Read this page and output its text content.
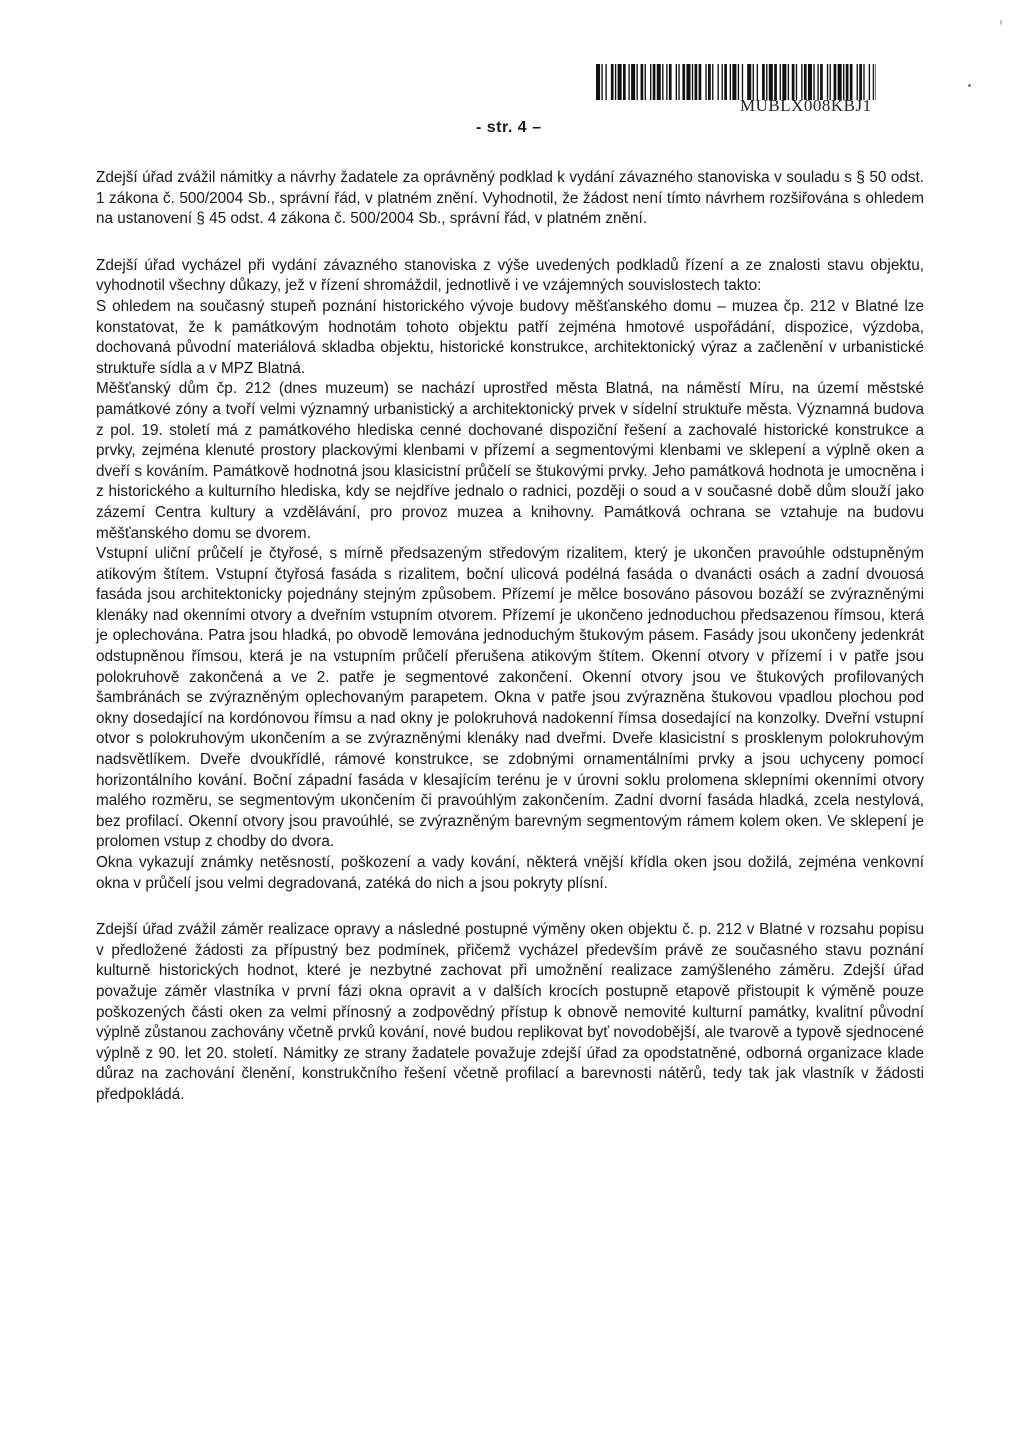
MUBLX008KBJ1
- str. 4 –

Zdejší úřad zvážil námitky a návrhy žadatele za oprávněný podklad k vydání závazného stanoviska v souladu s § 50 odst. 1 zákona č. 500/2004 Sb., správní řád, v platném znění. Vyhodnotil, že žádost není tímto návrhem rozšiřována s ohledem na ustanovení § 45 odst. 4 zákona č. 500/2004 Sb., správní řád, v platném znění.

Zdejší úřad vycházel při vydání závazného stanoviska z výše uvedených podkladů řízení a ze znalosti stavu objektu, vyhodnotil všechny důkazy, jež v řízení shromáždil, jednotlivě i ve vzájemných souvislostech takto:

S ohledem na současný stupeň poznání historického vývoje budovy měšťanského domu – muzea čp. 212 v Blatné lze konstatovat, že k památkovým hodnotám tohoto objektu patří zejména hmotové uspořádání, dispozice, výzdoba, dochovaná původní materiálová skladba objektu, historické konstrukce, architektonický výraz a začlenění v urbanistické struktuře sídla a v MPZ Blatná.

Měšťanský dům čp. 212 (dnes muzeum) se nachází uprostřed města Blatná, na náměstí Míru, na území městské památkové zóny a tvoří velmi významný urbanistický a architektonický prvek v sídelní struktuře města. Významná budova z pol. 19. století má z památkového hlediska cenné dochované dispoziční řešení a zachovalé historické konstrukce a prvky, zejména klenuté prostory plackovými klenbami v přízemí a segmentovými klenbami ve sklepení a výplně oken a dveří s kováním. Památkově hodnotná jsou klasicistní průčelí se štukovými prvky. Jeho památková hodnota je umocněna i z historického a kulturního hlediska, kdy se nejdříve jednalo o radnici, později o soud a v současné době dům slouží jako zázemí Centra kultury a vzdělávání, pro provoz muzea a knihovny. Památková ochrana se vztahuje na budovu měšťanského domu se dvorem.

Vstupní uliční průčelí je čtyřosé, s mírně předsazeným středovým rizalitem, který je ukončen pravoúhle odstupněným atikovým štítem. Vstupní čtyřosá fasáda s rizalitem, boční ulicová podélná fasáda o dvanácti osách a zadní dvouosá fasáda jsou architektonicky pojednány stejným způsobem. Přízemí je mělce bosováno pásovou bozáží se zvýrazněnými klenáky nad okenními otvory a dveřním vstupním otvorem. Přízemí je ukončeno jednoduchou předsazenou římsou, která je oplechována. Patra jsou hladká, po obvodě lemována jednoduchým štukovým pásem. Fasády jsou ukončeny jedenkrát odstupněnou římsou, která je na vstupním průčelí přerušena atikovým štítem. Okenní otvory v přízemí i v patře jsou polokruhově zakončená a ve 2. patře je segmentové zakončení. Okenní otvory jsou ve štukových profilovaných šambránách se zvýrazněným oplechovaným parapetem. Okna v patře jsou zvýrazněna štukovou vpadlou plochou pod okny dosedající na kordónovou římsu a nad okny je polokruhová nadokenní římsa dosedající na konzolky. Dveřní vstupní otvor s polokruhovým ukončením a se zvýrazněnými klenáky nad dveřmi. Dveře klasicistní s prosklenym polokruhovým nadsvětlíkem. Dveře dvoukřídlé, rámové konstrukce, se zdobnými ornamentálními prvky a jsou uchyceny pomocí horizontálního kování. Boční západní fasáda v klesajícím terénu je v úrovni soklu prolomena sklepními okenními otvory malého rozměru, se segmentovým ukončením či pravoúhlým zakončením. Zadní dvorní fasáda hladká, zcela nestylová, bez profilací. Okenní otvory jsou pravoúhlé, se zvýrazněným barevným segmentovým rámem kolem oken. Ve sklepení je prolomen vstup z chodby do dvora.

Okna vykazují známky netěsností, poškození a vady kování, některá vnější křídla oken jsou dožilá, zejména venkovní okna v průčelí jsou velmi degradovaná, zatéká do nich a jsou pokryty plísní.

Zdejší úřad zvážil záměr realizace opravy a následné postupné výměny oken objektu č. p. 212 v Blatné v rozsahu popisu v předložené žádosti za přípustný bez podmínek, přičemž vycházel především právě ze současného stavu poznání kulturně historických hodnot, které je nezbytné zachovat při umožnění realizace zamýšleného záměru. Zdejší úřad považuje záměr vlastníka v první fázi okna opravit a v dalších krocích postupně etapově přistoupit k výměně pouze poškozených části oken za velmi přínosný a zodpovědný přístup k obnově nemovité kulturní památky, kvalitní původní výplně zůstanou zachovány včetně prvků kování, nové budou replikovat byť novodobější, ale tvarově a typově sjednocené výplně z 90. let 20. století. Námitky ze strany žadatele považuje zdejší úřad za opodstatněné, odborná organizace klade důraz na zachování členění, konstrukčního řešení včetně profilací a barevnosti nátěrů, tedy tak jak vlastník v žádosti předpokládá.
